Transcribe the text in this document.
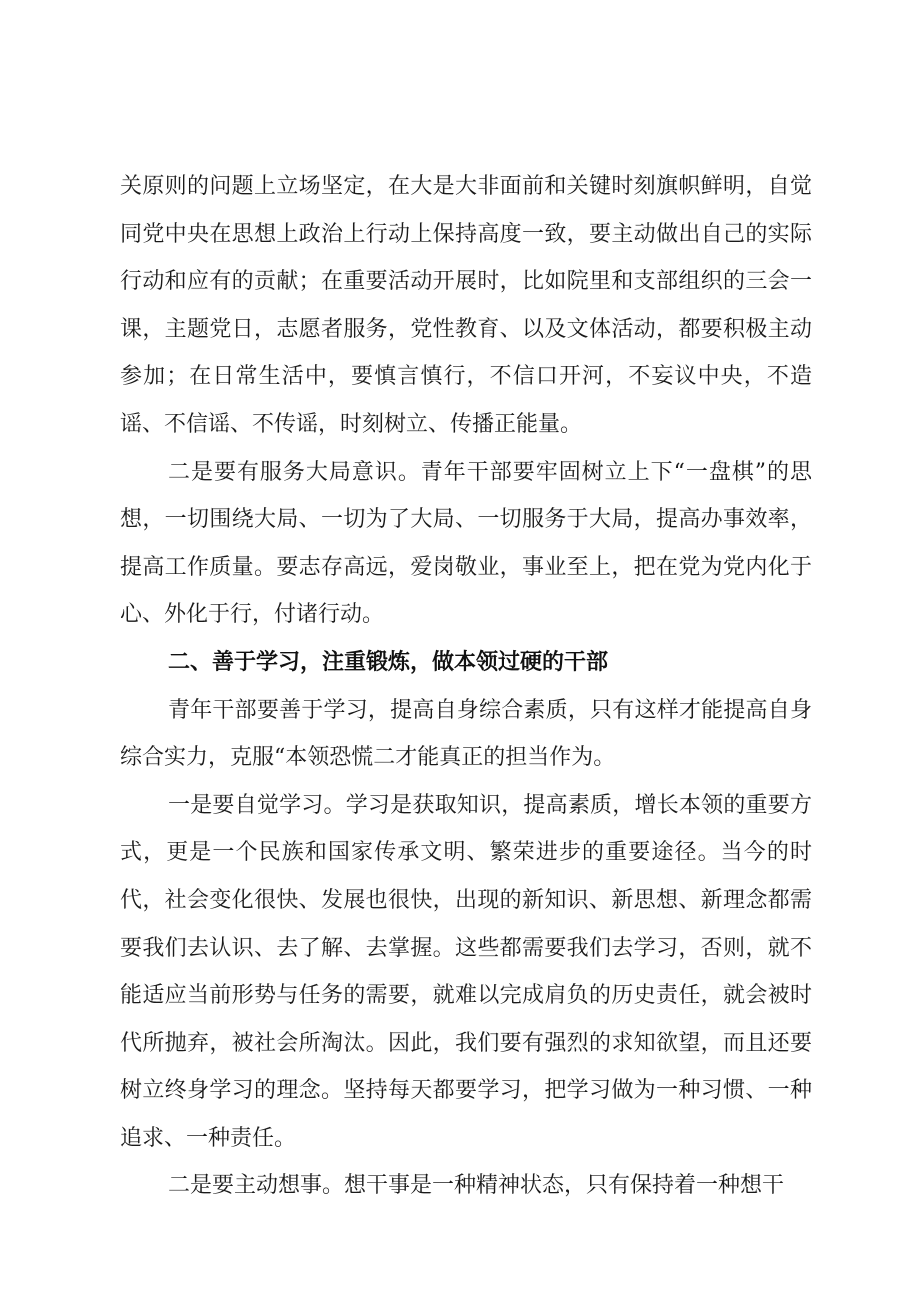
关原则的问题上立场坚定，在大是大非面前和关键时刻旗帜鲜明，自觉同党中央在思想上政治上行动上保持高度一致，要主动做出自己的实际行动和应有的贡献；在重要活动开展时，比如院里和支部组织的三会一课，主题党日，志愿者服务，党性教育、以及文体活动，都要积极主动参加；在日常生活中，要慎言慎行，不信口开河，不妄议中央，不造谣、不信谣、不传谣，时刻树立、传播正能量。

二是要有服务大局意识。青年干部要牢固树立上下“一盘棋”的思想，一切围绕大局、一切为了大局、一切服务于大局，提高办事效率，提高工作质量。要志存高远，爱岗敬业，事业至上，把在党为党内化于心、外化于行，付诸行动。

二、善于学习，注重锻炼，做本领过硬的干部

青年干部要善于学习，提高自身综合素质，只有这样才能提高自身综合实力，克服“本领恐慌二才能真正的担当作为。

一是要自觉学习。学习是获取知识，提高素质，增长本领的重要方式，更是一个民族和国家传承文明、繁荣进步的重要途径。当今的时代，社会变化很快、发展也很快，出现的新知识、新思想、新理念都需要我们去认识、去了解、去掌握。这些都需要我们去学习，否则，就不能适应当前形势与任务的需要，就难以完成肩负的历史责任，就会被时代所抛弃，被社会所淘汰。因此，我们要有强烈的求知欲望，而且还要树立终身学习的理念。坚持每天都要学习，把学习做为一种习惯、一种追求、一种责任。

二是要主动想事。想干事是一种精神状态，只有保持着一种想干
